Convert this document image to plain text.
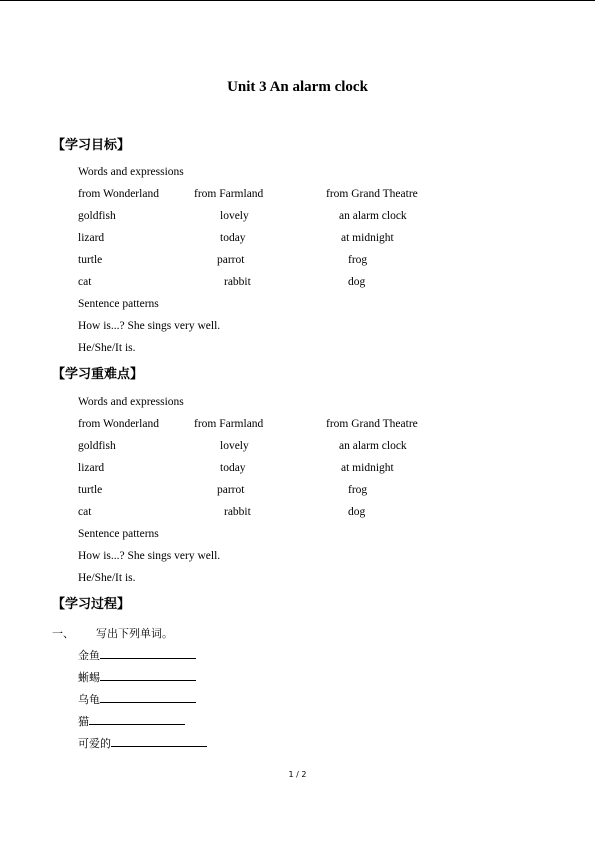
Unit 3 An alarm clock
【学习目标】
Words and expressions
from Wonderland	from Farmland	from Grand Theatre
goldfish	lovely	an alarm clock
lizard	today	at midnight
turtle	parrot	frog
cat	rabbit	dog
Sentence patterns
How is...? She sings very well.
He/She/It is.
【学习重难点】
Words and expressions
from Wonderland	from Farmland	from Grand Theatre
goldfish	lovely	an alarm clock
lizard	today	at midnight
turtle	parrot	frog
cat	rabbit	dog
Sentence patterns
How is...? She sings very well.
He/She/It is.
【学习过程】
一、 写出下列单词。
金鱼
蜥蜴
乌龟
猫
可爱的
1 / 2
